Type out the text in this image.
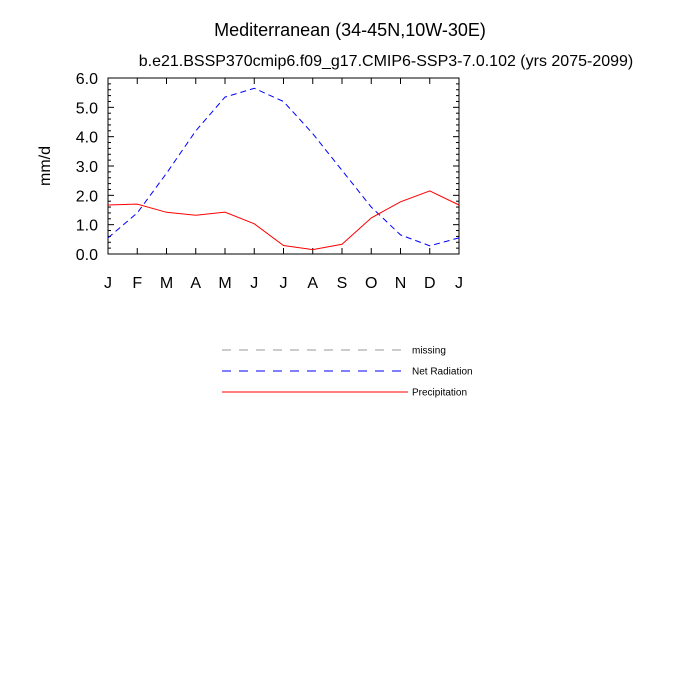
Mediterranean (34-45N,10W-30E)
b.e21.BSSP370cmip6.f09_g17.CMIP6-SSP3-7.0.102 (yrs 2075-2099)
mm/d
0.0
1.0
2.0
3.0
4.0
5.0
6.0
J F M A M J J A S O N D J
missing
Net Radiation
Precipitation
